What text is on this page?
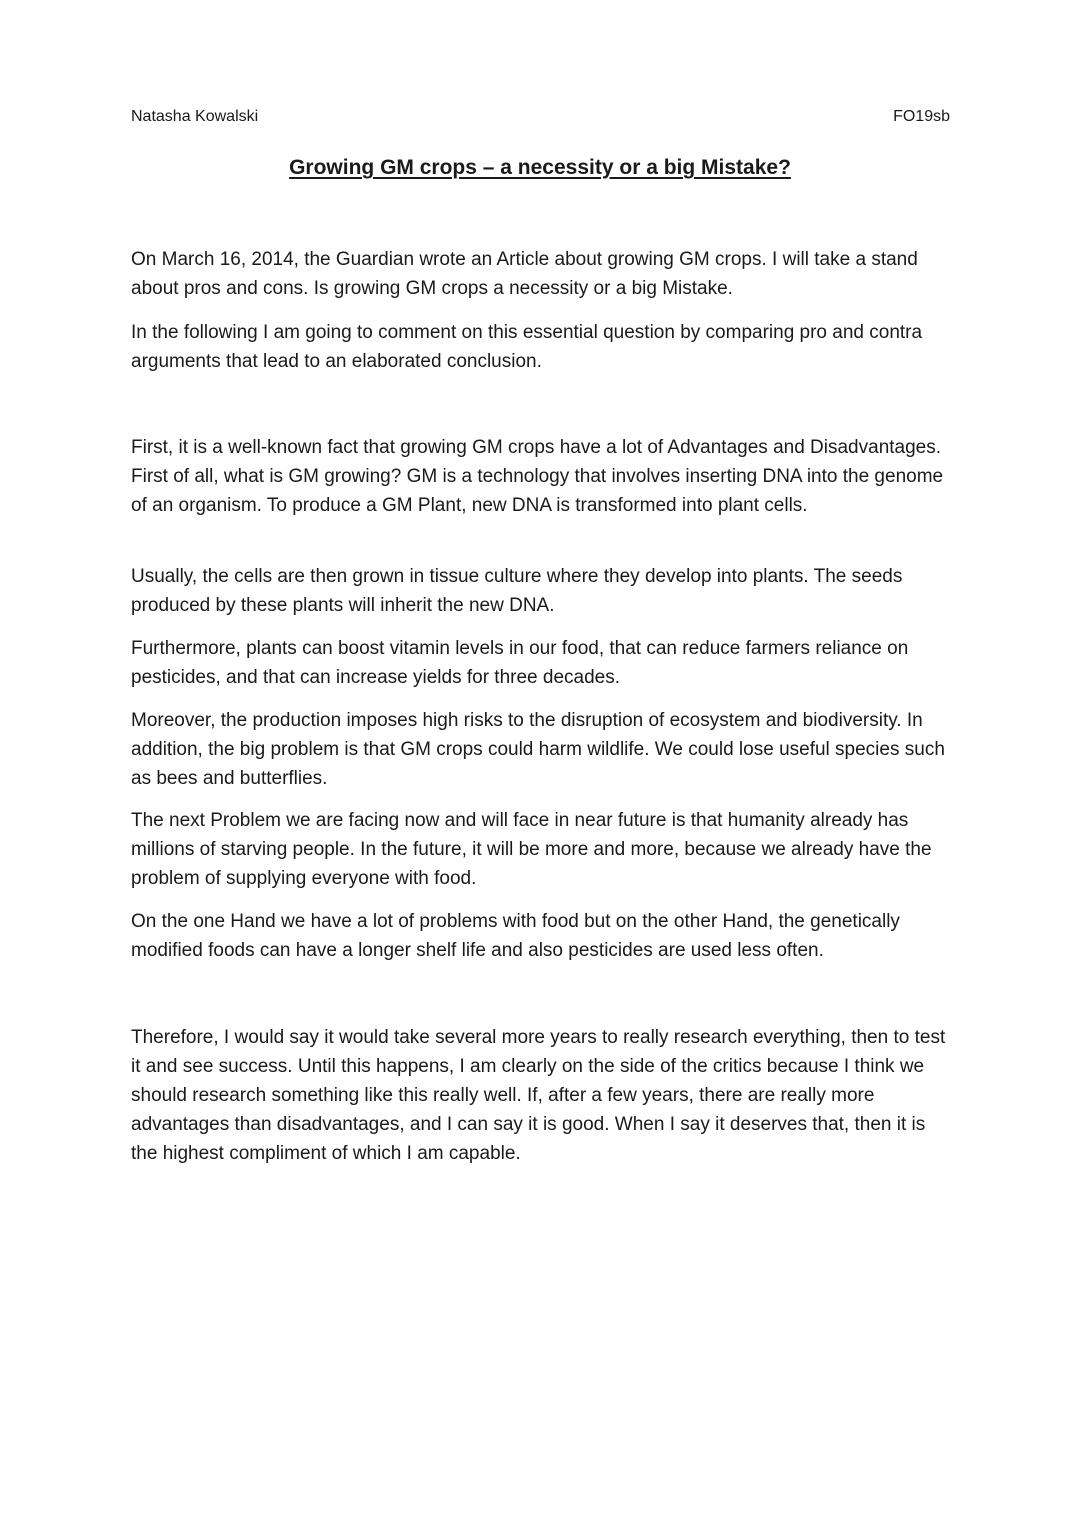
Natasha Kowalski	FO19sb
Growing GM crops – a necessity or a big Mistake?

On March 16, 2014, the Guardian wrote an Article about growing GM crops. I will take a stand about pros and cons. Is growing GM crops a necessity or a big Mistake.

In the following I am going to comment on this essential question by comparing pro and contra arguments that lead to an elaborated conclusion.

First, it is a well-known fact that growing GM crops have a lot of Advantages and Disadvantages. First of all, what is GM growing? GM is a technology that involves inserting DNA into the genome of an organism. To produce a GM Plant, new DNA is transformed into plant cells.

Usually, the cells are then grown in tissue culture where they develop into plants. The seeds produced by these plants will inherit the new DNA.

Furthermore, plants can boost vitamin levels in our food, that can reduce farmers reliance on pesticides, and that can increase yields for three decades.

Moreover, the production imposes high risks to the disruption of ecosystem and biodiversity. In addition, the big problem is that GM crops could harm wildlife. We could lose useful species such as bees and butterflies.

The next Problem we are facing now and will face in near future is that humanity already has millions of starving people. In the future, it will be more and more, because we already have the problem of supplying everyone with food.

On the one Hand we have a lot of problems with food but on the other Hand, the genetically modified foods can have a longer shelf life and also pesticides are used less often.

Therefore, I would say it would take several more years to really research everything, then to test it and see success. Until this happens, I am clearly on the side of the critics because I think we should research something like this really well. If, after a few years, there are really more advantages than disadvantages, and I can say it is good. When I say it deserves that, then it is the highest compliment of which I am capable.
